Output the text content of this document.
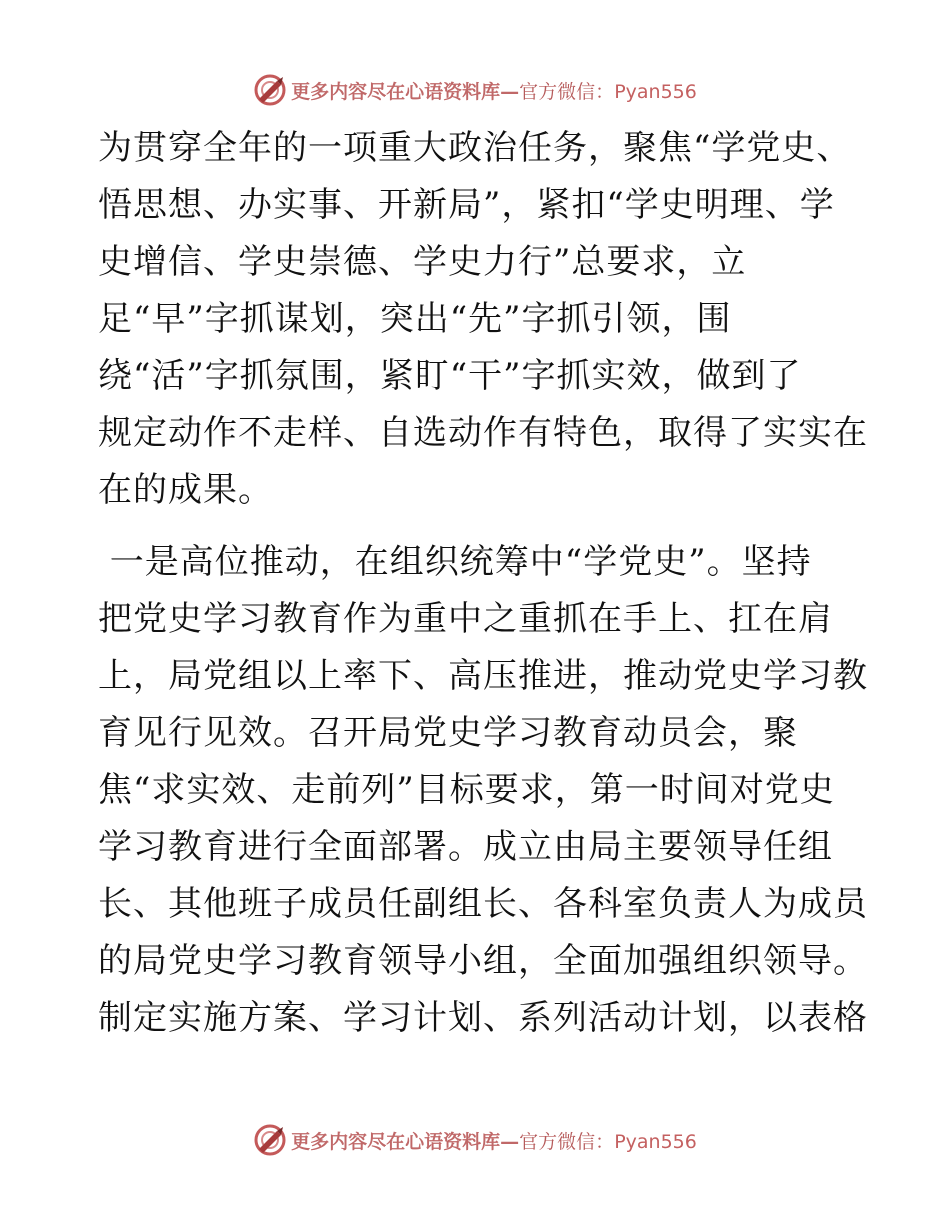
更多内容尽在心语资料库—官方微信：Pyan556
为贯穿全年的一项重大政治任务，聚焦“学党史、
悟思想、办实事、开新局”，紧扣“学史明理、学
史增信、学史崇德、学史力行”总要求，立
足“早”字抓谋划，突出“先”字抓引领，围
绕“活”字抓氛围，紧盯“干”字抓实效，做到了
规定动作不走样、自选动作有特色，取得了实实在
在的成果。
一是高位推动，在组织统筹中“学党史”。坚持
把党史学习教育作为重中之重抓在手上、扛在肩
上，局党组以上率下、高压推进，推动党史学习教
育见行见效。召开局党史学习教育动员会，聚
焦“求实效、走前列”目标要求，第一时间对党史
学习教育进行全面部署。成立由局主要领导任组
长、其他班子成员任副组长、各科室负责人为成员
的局党史学习教育领导小组，全面加强组织领导。
制定实施方案、学习计划、系列活动计划，以表格
更多内容尽在心语资料库—官方微信：Pyan556
